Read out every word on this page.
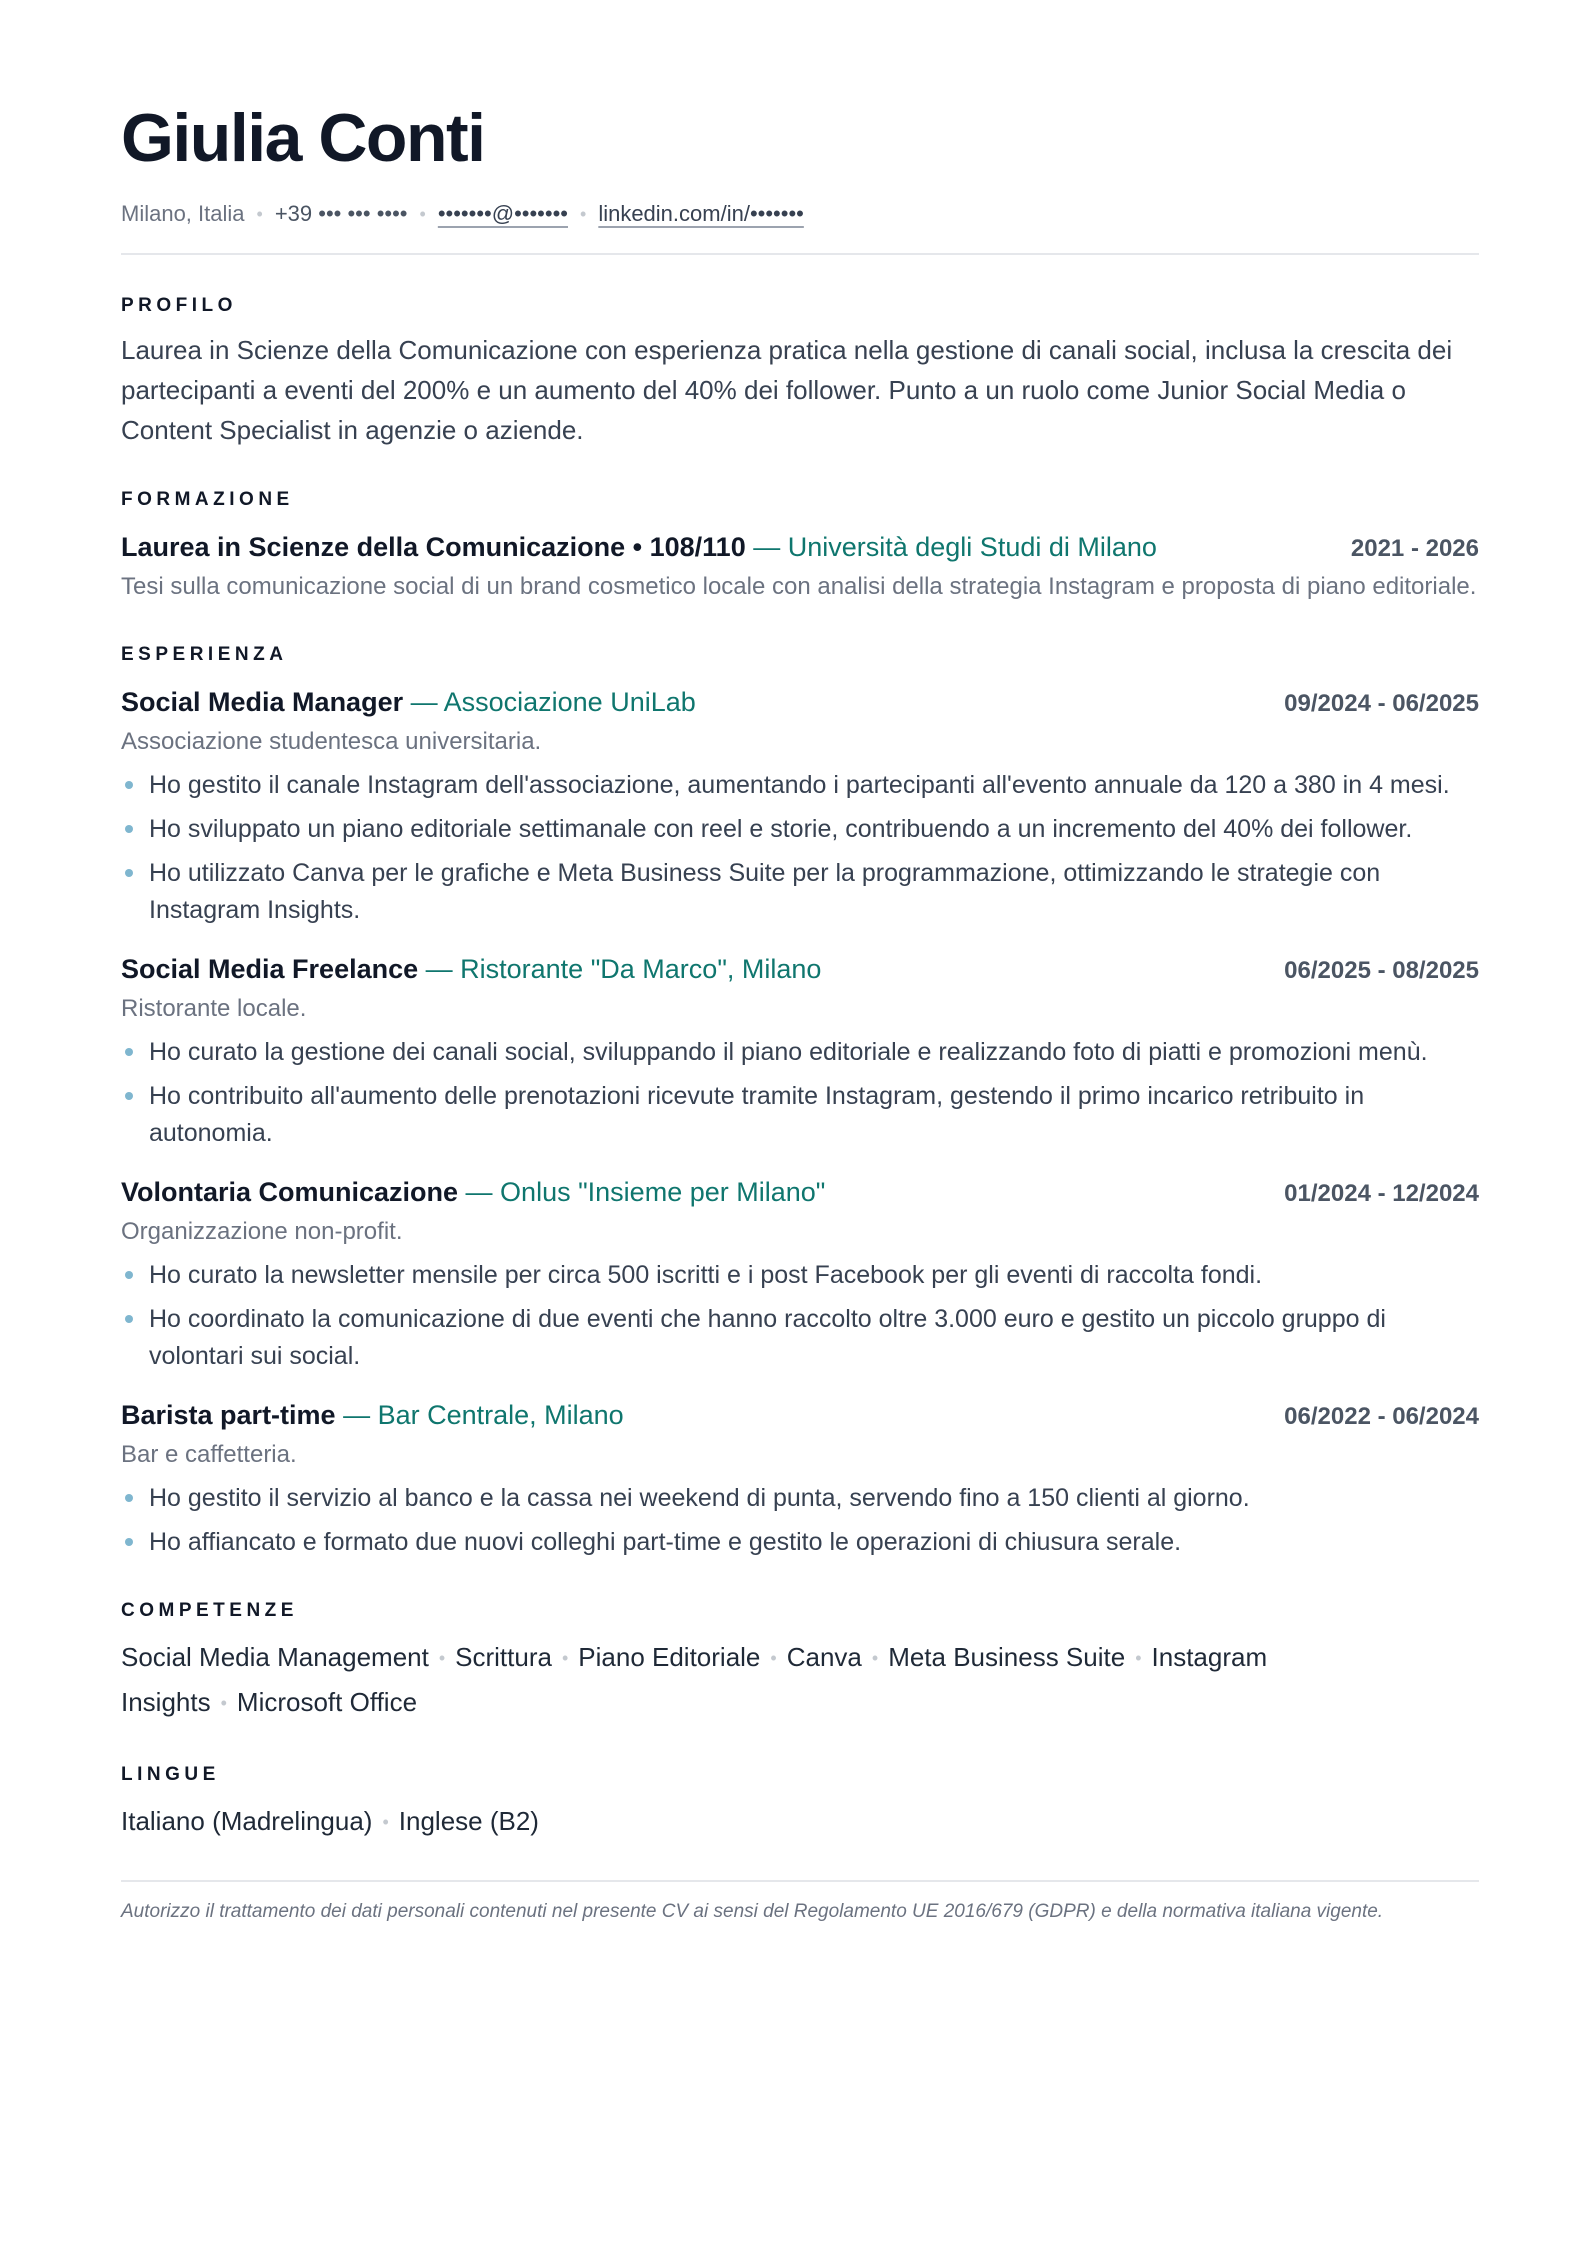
Giulia Conti
Milano, Italia • +39 ••• ••• •••• • •••••••@••••••• • linkedin.com/in/•••••••
PROFILO

Laurea in Scienze della Comunicazione con esperienza pratica nella gestione di canali social, inclusa la crescita dei partecipanti a eventi del 200% e un aumento del 40% dei follower. Punto a un ruolo come Junior Social Media o Content Specialist in agenzie o aziende.

FORMAZIONE
Laurea in Scienze della Comunicazione • 108/110 — Università degli Studi di Milano	2021 - 2026
Tesi sulla comunicazione social di un brand cosmetico locale con analisi della strategia Instagram e proposta di piano editoriale.
ESPERIENZA
Social Media Manager — Associazione UniLab	09/2024 - 06/2025
Associazione studentesca universitaria.
Ho gestito il canale Instagram dell'associazione, aumentando i partecipanti all'evento annuale da 120 a 380 in 4 mesi.
Ho sviluppato un piano editoriale settimanale con reel e storie, contribuendo a un incremento del 40% dei follower.
Ho utilizzato Canva per le grafiche e Meta Business Suite per la programmazione, ottimizzando le strategie con Instagram Insights.
Social Media Freelance — Ristorante "Da Marco", Milano	06/2025 - 08/2025
Ristorante locale.
Ho curato la gestione dei canali social, sviluppando il piano editoriale e realizzando foto di piatti e promozioni menù.
Ho contribuito all'aumento delle prenotazioni ricevute tramite Instagram, gestendo il primo incarico retribuito in autonomia.
Volontaria Comunicazione — Onlus "Insieme per Milano"	01/2024 - 12/2024
Organizzazione non-profit.
Ho curato la newsletter mensile per circa 500 iscritti e i post Facebook per gli eventi di raccolta fondi.
Ho coordinato la comunicazione di due eventi che hanno raccolto oltre 3.000 euro e gestito un piccolo gruppo di volontari sui social.
Barista part-time — Bar Centrale, Milano	06/2022 - 06/2024
Bar e caffetteria.
Ho gestito il servizio al banco e la cassa nei weekend di punta, servendo fino a 150 clienti al giorno.
Ho affiancato e formato due nuovi colleghi part-time e gestito le operazioni di chiusura serale.
COMPETENZE
Social Media Management • Scrittura • Piano Editoriale • Canva • Meta Business Suite • Instagram Insights • Microsoft Office
LINGUE
Italiano (Madrelingua) • Inglese (B2)
Autorizzo il trattamento dei dati personali contenuti nel presente CV ai sensi del Regolamento UE 2016/679 (GDPR) e della normativa italiana vigente.
